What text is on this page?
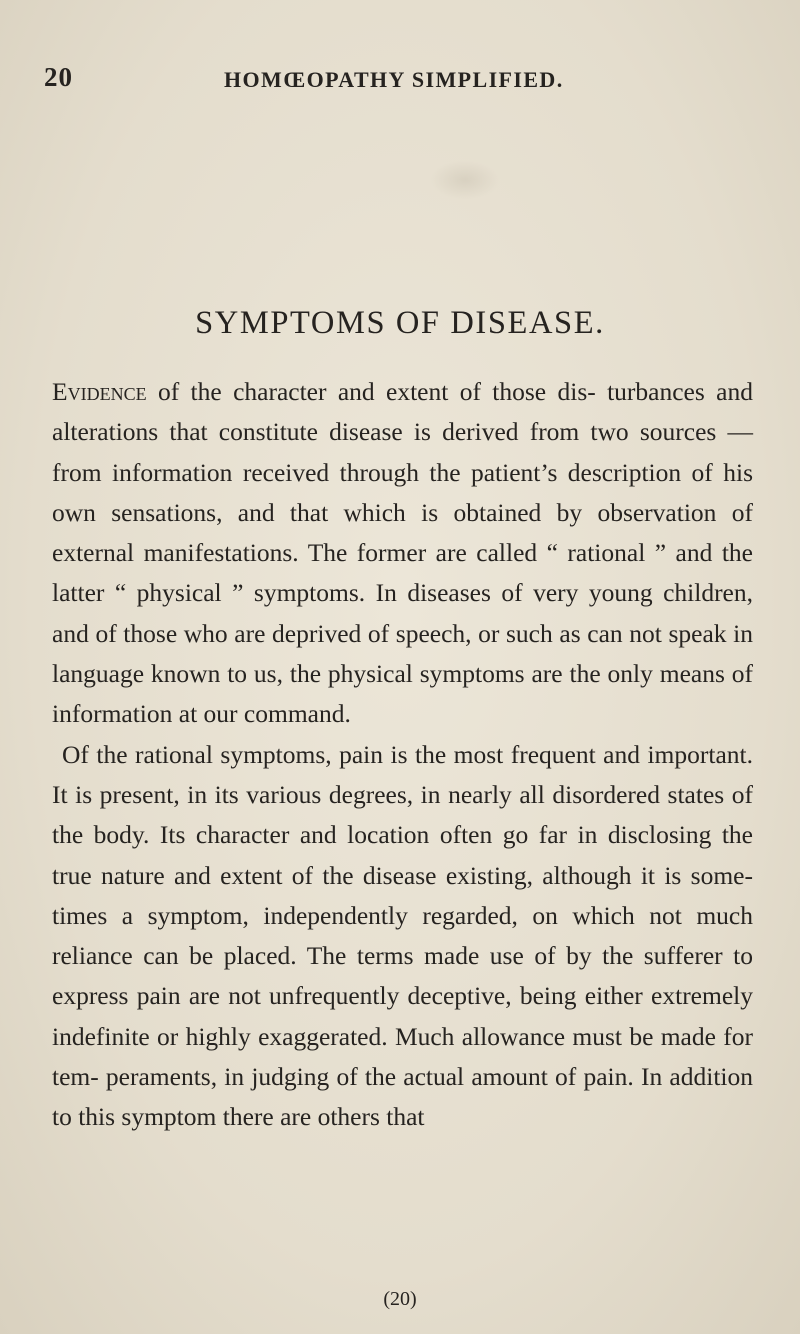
20	HOMŒOPATHY SIMPLIFIED.
SYMPTOMS OF DISEASE.

Evidence of the character and extent of those dis- turbances and alterations that constitute disease is derived from two sources — from information received through the patient’s description of his own sensations, and that which is obtained by observation of external manifestations. The former are called “ rational ” and the latter “ physical ” symptoms. In diseases of very young children, and of those who are deprived of speech, or such as can not speak in language known to us, the physical symptoms are the only means of information at our command.

Of the rational symptoms, pain is the most frequent and important. It is present, in its various degrees, in nearly all disordered states of the body. Its character and location often go far in disclosing the true nature and extent of the disease existing, although it is some- times a symptom, independently regarded, on which not much reliance can be placed. The terms made use of by the sufferer to express pain are not unfrequently deceptive, being either extremely indefinite or highly exaggerated. Much allowance must be made for tem- peraments, in judging of the actual amount of pain. In addition to this symptom there are others that

(20)
